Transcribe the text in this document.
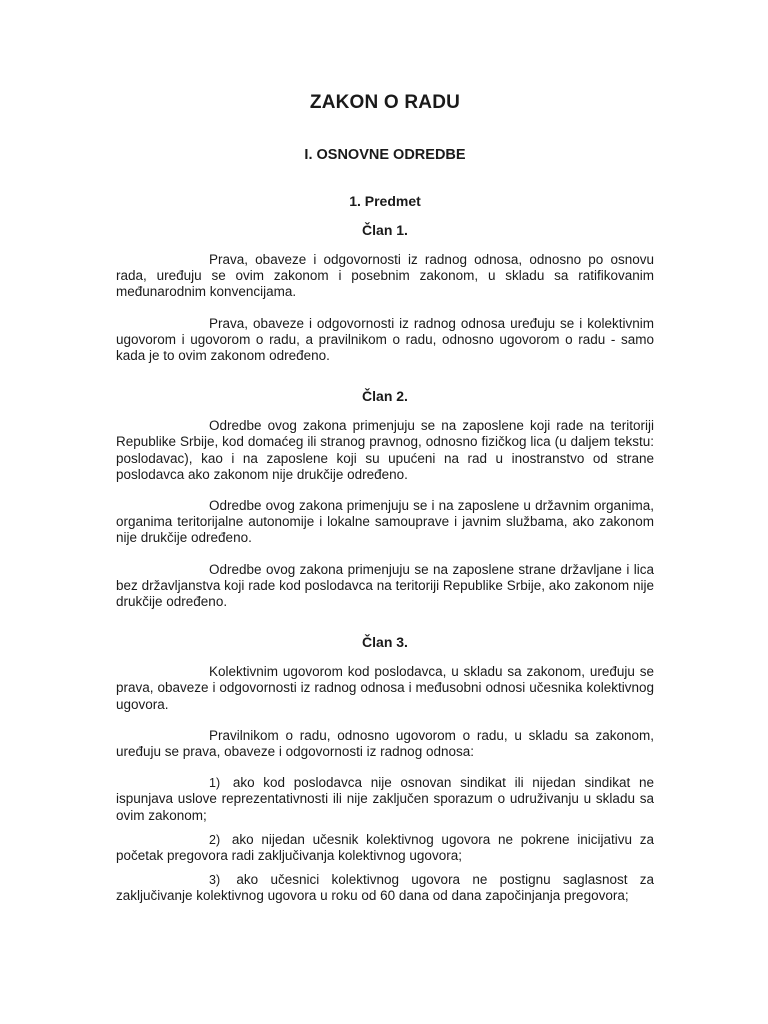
ZAKON O RADU
I. OSNOVNE ODREDBE
1. Predmet
Član 1.

Prava, obaveze i odgovornosti iz radnog odnosa, odnosno po osnovu rada, uređuju se ovim zakonom i posebnim zakonom, u skladu sa ratifikovanim međunarodnim konvencijama.

Prava, obaveze i odgovornosti iz radnog odnosa uređuju se i kolektivnim ugovorom i ugovorom o radu, a pravilnikom o radu, odnosno ugovorom o radu - samo kada je to ovim zakonom određeno.

Član 2.

Odredbe ovog zakona primenjuju se na zaposlene koji rade na teritoriji Republike Srbije, kod domaćeg ili stranog pravnog, odnosno fizičkog lica (u daljem tekstu: poslodavac), kao i na zaposlene koji su upućeni na rad u inostranstvo od strane poslodavca ako zakonom nije drukčije određeno.

Odredbe ovog zakona primenjuju se i na zaposlene u državnim organima, organima teritorijalne autonomije i lokalne samouprave i javnim službama, ako zakonom nije drukčije određeno.

Odredbe ovog zakona primenjuju se na zaposlene strane državljane i lica bez državljanstva koji rade kod poslodavca na teritoriji Republike Srbije, ako zakonom nije drukčije određeno.

Član 3.

Kolektivnim ugovorom kod poslodavca, u skladu sa zakonom, uređuju se prava, obaveze i odgovornosti iz radnog odnosa i međusobni odnosi učesnika kolektivnog ugovora.

Pravilnikom o radu, odnosno ugovorom o radu, u skladu sa zakonom, uređuju se prava, obaveze i odgovornosti iz radnog odnosa:

1) ako kod poslodavca nije osnovan sindikat ili nijedan sindikat ne ispunjava uslove reprezentativnosti ili nije zaključen sporazum o udruživanju u skladu sa ovim zakonom;

2) ako nijedan učesnik kolektivnog ugovora ne pokrene inicijativu za početak pregovora radi zaključivanja kolektivnog ugovora;

3) ako učesnici kolektivnog ugovora ne postignu saglasnost za zaključivanje kolektivnog ugovora u roku od 60 dana od dana započinjanja pregovora;
